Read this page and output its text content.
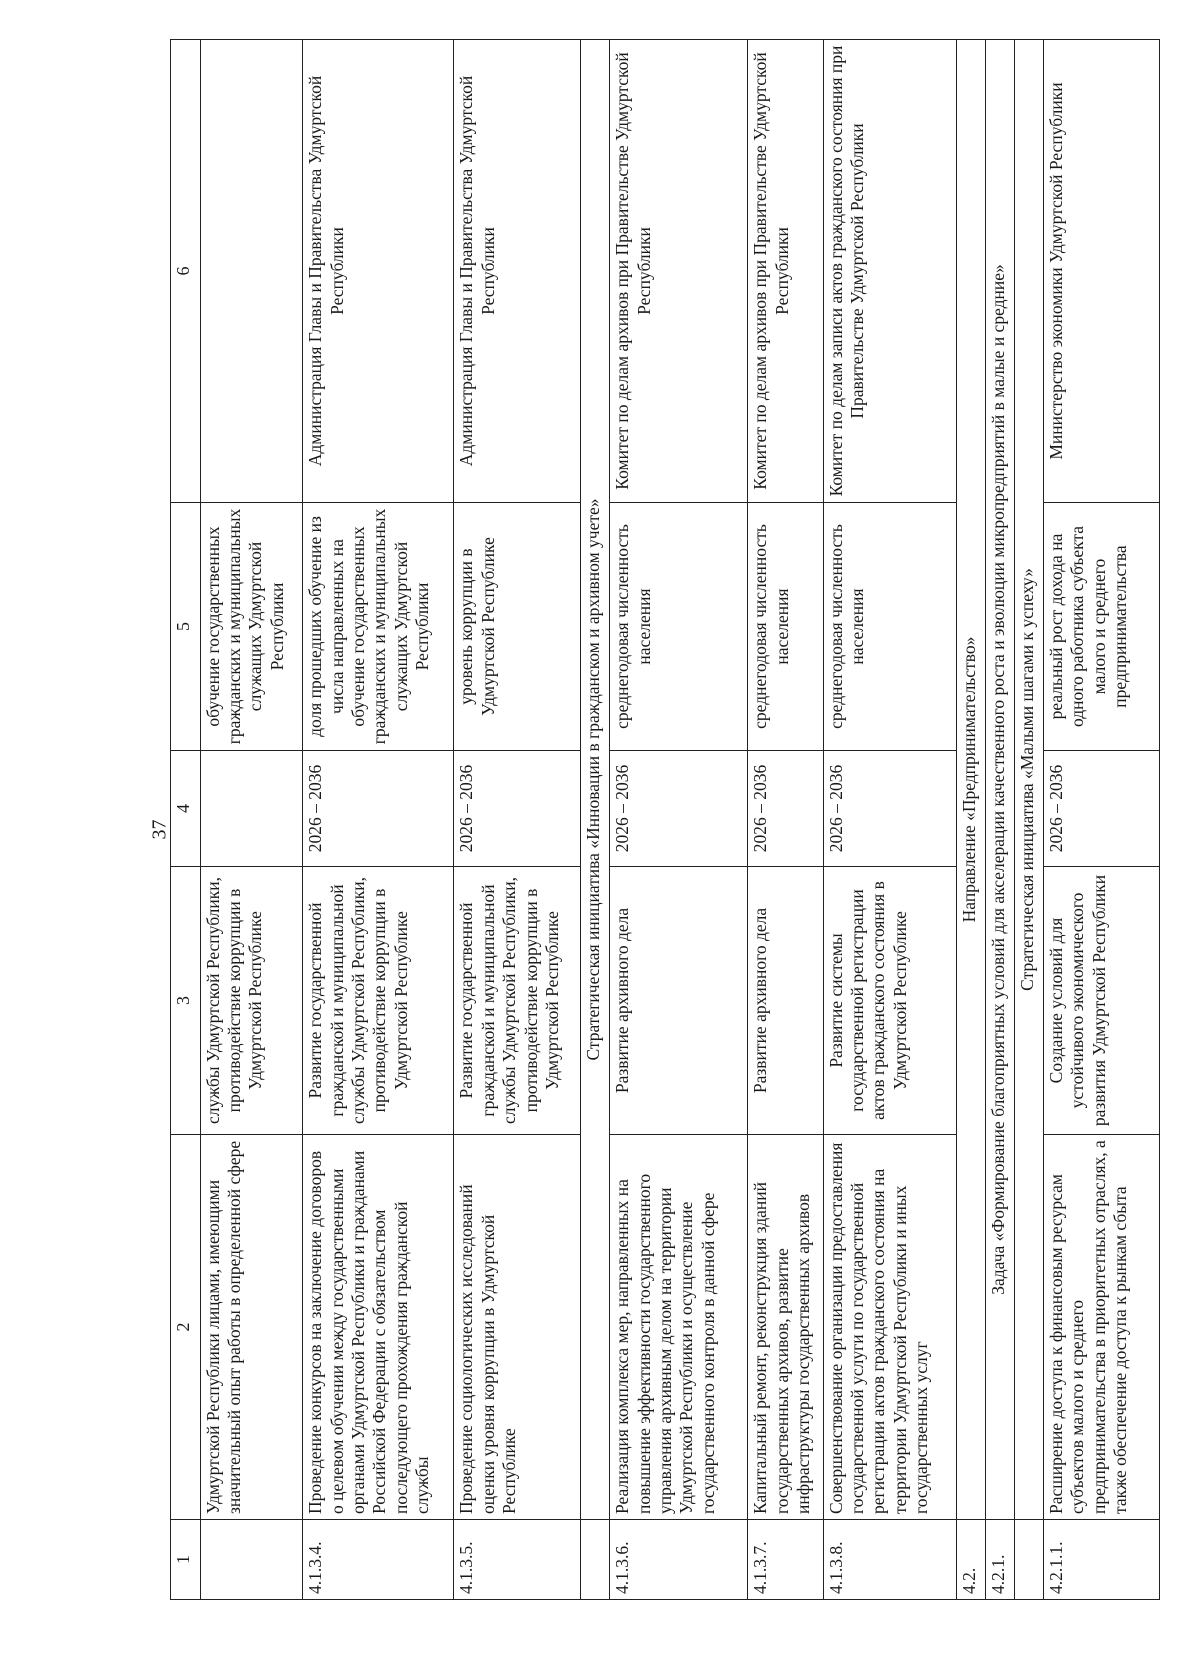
37
1	2	3	4	5	6
	Удмуртской Республики лицами, имеющими значительный опыт работы в определенной сфере	службы Удмуртской Республики, противодействие коррупции в Удмуртской Республике		обучение государственных гражданских и муниципальных служащих Удмуртской Республики	
4.1.3.4.	Проведение конкурсов на заключение договоров о целевом обучении между государственными органами Удмуртской Республики и гражданами Российской Федерации с обязательством последующего прохождения гражданской службы	Развитие государственной гражданской и муниципальной службы Удмуртской Республики, противодействие коррупции в Удмуртской Республике	2026 – 2036	доля прошедших обучение из числа направленных на обучение государственных гражданских и муниципальных служащих Удмуртской Республики	Администрация Главы и Правительства Удмуртской Республики
4.1.3.5.	Проведение социологических исследований оценки уровня коррупции в Удмуртской Республике	Развитие государственной гражданской и муниципальной службы Удмуртской Республики, противодействие коррупции в Удмуртской Республике	2026 – 2036	уровень коррупции в Удмуртской Республике	Администрация Главы и Правительства Удмуртской Республики
	Стратегическая инициатива «Инновации в гражданском и архивном учете»				
4.1.3.6.	Реализация комплекса мер, направленных на повышение эффективности государственного управления архивным делом на территории Удмуртской Республики и осуществление государственного контроля в данной сфере	Развитие архивного дела	2026 – 2036	среднегодовая численность населения	Комитет по делам архивов при Правительстве Удмуртской Республики
4.1.3.7.	Капитальный ремонт, реконструкция зданий государственных архивов, развитие инфраструктуры государственных архивов	Развитие архивного дела	2026 – 2036	среднегодовая численность населения	Комитет по делам архивов при Правительстве Удмуртской Республики
4.1.3.8.	Совершенствование организации предоставления государственной услуги по государственной регистрации актов гражданского состояния на территории Удмуртской Республики и иных государственных услуг	Развитие системы государственной регистрации актов гражданского состояния в Удмуртской Республике	2026 – 2036	среднегодовая численность населения	Комитет по делам записи актов гражданского состояния при Правительстве Удмуртской Республики
4.2.	Направление «Предпринимательство»				
4.2.1.	Задача «Формирование благоприятных условий для акселерации качественного роста и эволюции микропредприятий в малые и средние»				
	Стратегическая инициатива «Малыми шагами к успеху»				
4.2.1.1.	Расширение доступа к финансовым ресурсам субъектов малого и среднего предпринимательства в приоритетных отраслях, а также обеспечение доступа к рынкам сбыта	Создание условий для устойчивого экономического развития Удмуртской Республики	2026 – 2036	реальный рост дохода на одного работника субъекта малого и среднего предпринимательства	Министерство экономики Удмуртской Республики
